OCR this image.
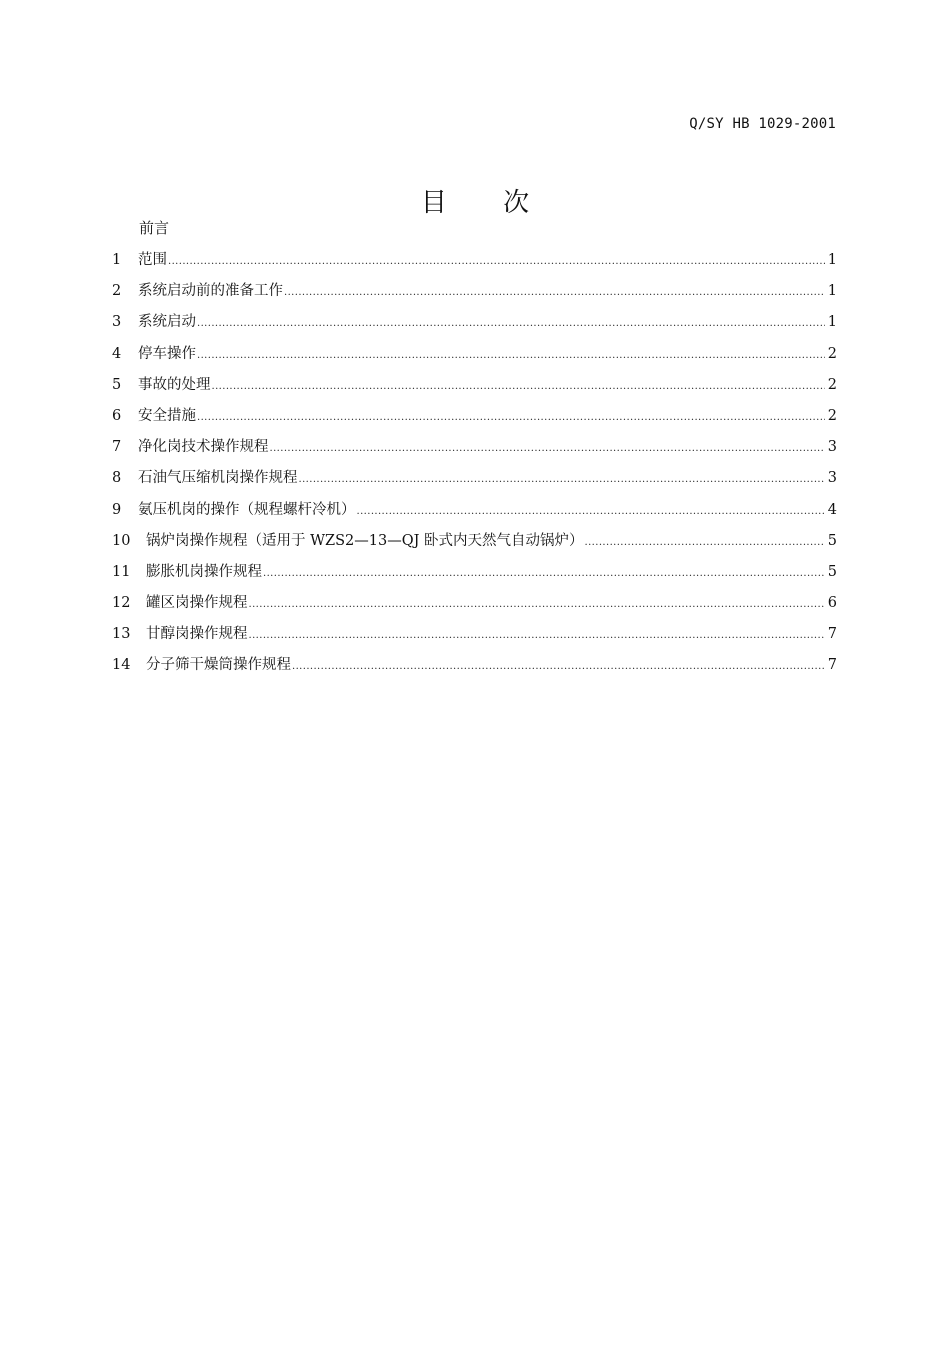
Q/SY HB 1029-2001
目 次
前言
1	范围 .....	1
2	系统启动前的准备工作 .....	1
3	系统启动 .....	1
4	停车操作 .....	2
5	事故的处理 .....	2
6	安全措施 .....	2
7	净化岗技术操作规程 .....	3
8	石油气压缩机岗操作规程 .....	3
9	氨压机岗的操作（规程螺杆冷机） .....	4
10	锅炉岗操作规程（适用于 WZS2—13—QJ 卧式内天然气自动锅炉） .....	5
11	膨胀机岗操作规程 .....	5
12	罐区岗操作规程 .....	6
13	甘醇岗操作规程 .....	7
14	分子筛干燥筒操作规程 .....	7
